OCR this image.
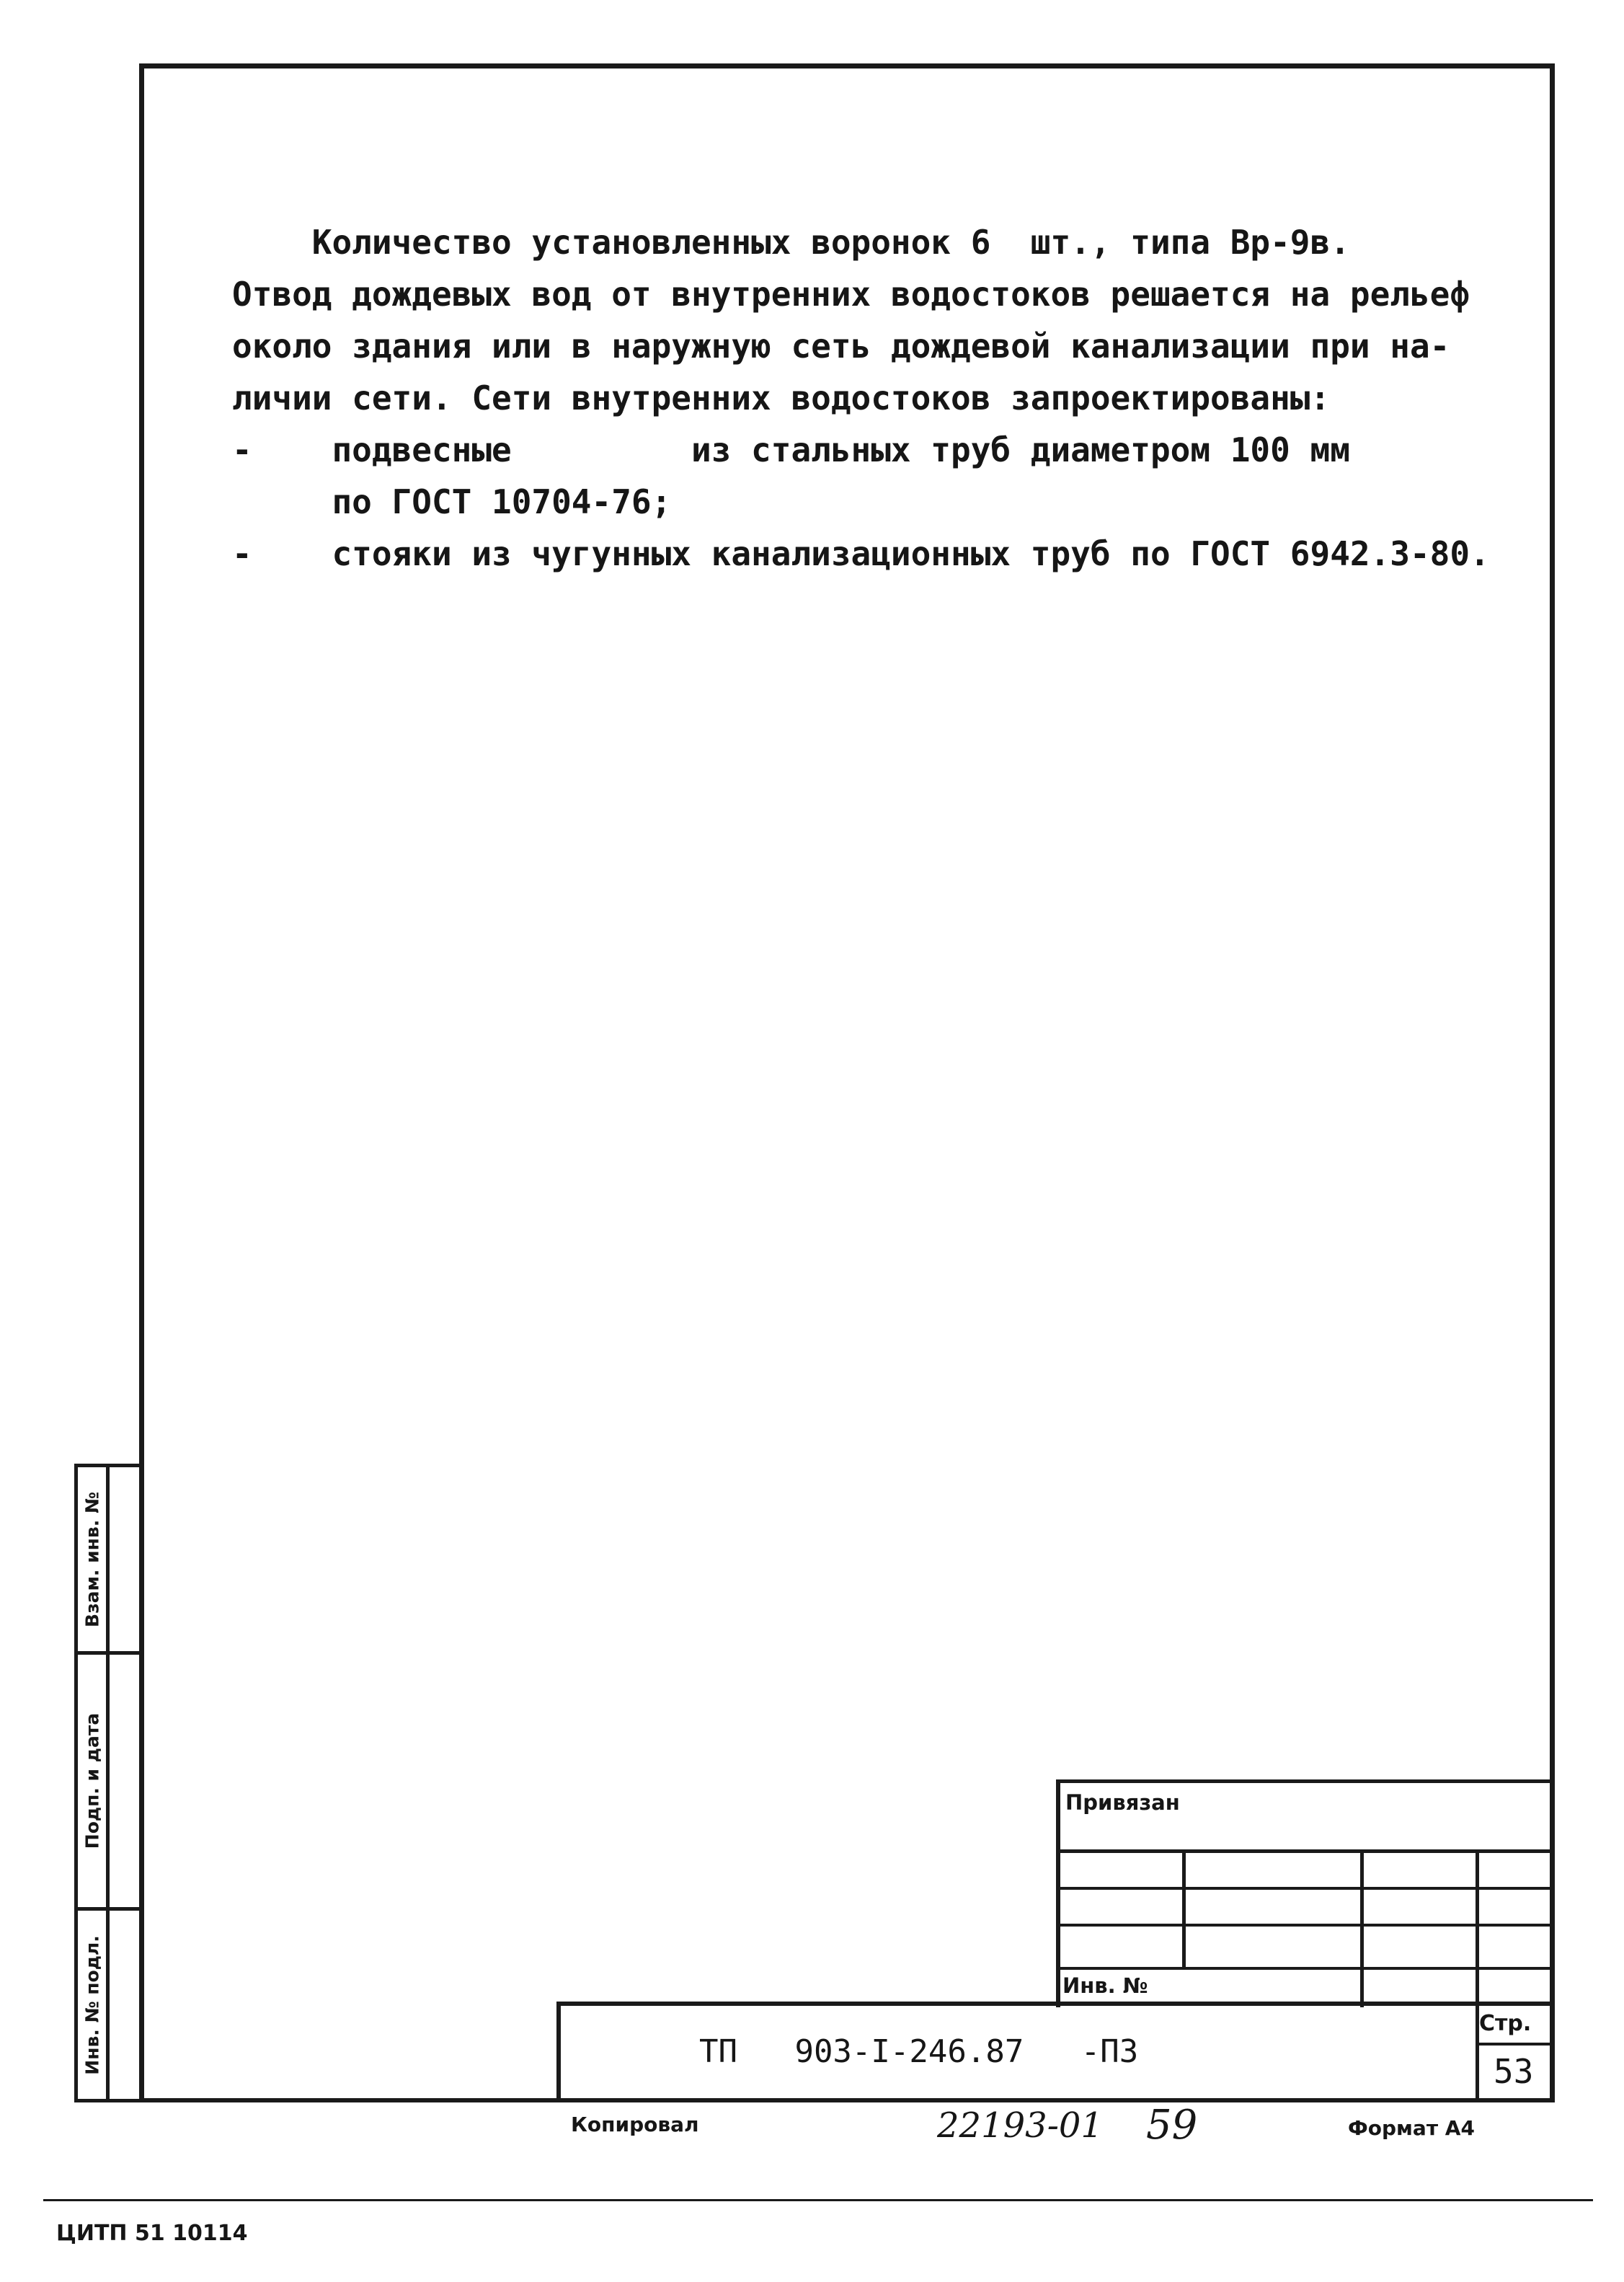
Взам. инв. №
Подп. и дата
Инв. № подл.

Количество установленных воронок 6  шт., типа Вр-9в.

Отвод дождевых вод от внутренних водостоков решается на рельеф

около здания или в наружную сеть дождевой канализации при на-

личии сети. Сети внутренних водостоков запроектированы:

-    подвесные         из стальных труб диаметром 100 мм

по ГОСТ 10704-76;

-    стояки из чугунных канализационных труб по ГОСТ 6942.3-80.

Привязан
Инв. №
Стр.
53
ТП   903-I-246.87   -ПЗ
Копировал	22193-01 59	Формат А4
ЦИТП 51 10114
